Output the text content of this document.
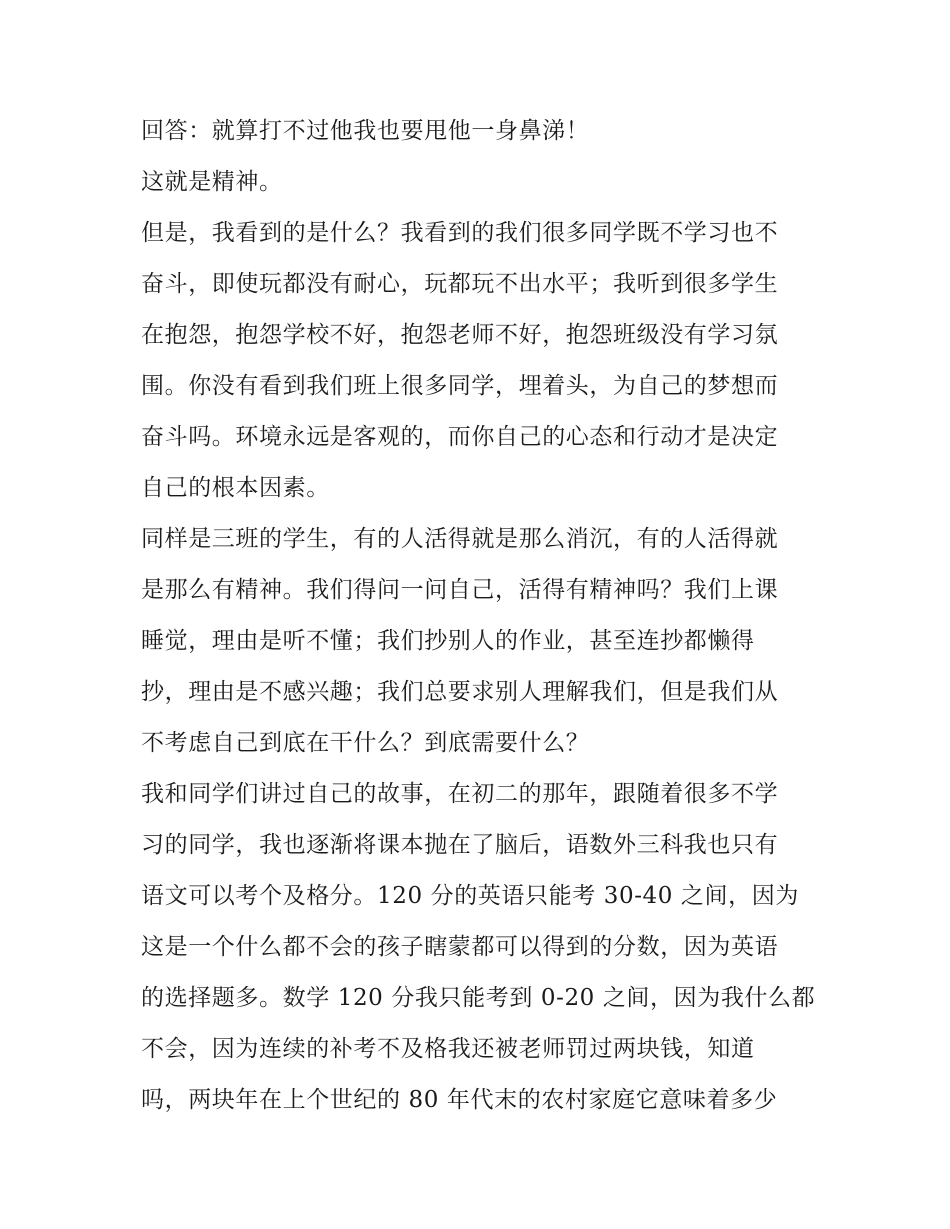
回答：就算打不过他我也要甩他一身鼻涕！
这就是精神。
但是，我看到的是什么？我看到的我们很多同学既不学习也不
奋斗，即使玩都没有耐心，玩都玩不出水平；我听到很多学生
在抱怨，抱怨学校不好，抱怨老师不好，抱怨班级没有学习氛
围。你没有看到我们班上很多同学，埋着头，为自己的梦想而
奋斗吗。环境永远是客观的，而你自己的心态和行动才是决定
自己的根本因素。
同样是三班的学生，有的人活得就是那么消沉，有的人活得就
是那么有精神。我们得问一问自己，活得有精神吗？我们上课
睡觉，理由是听不懂；我们抄别人的作业，甚至连抄都懒得
抄，理由是不感兴趣；我们总要求别人理解我们，但是我们从
不考虑自己到底在干什么？到底需要什么？
我和同学们讲过自己的故事，在初二的那年，跟随着很多不学
习的同学，我也逐渐将课本抛在了脑后，语数外三科我也只有
语文可以考个及格分。120 分的英语只能考 30-40 之间，因为
这是一个什么都不会的孩子瞎蒙都可以得到的分数，因为英语
的选择题多。数学 120 分我只能考到 0-20 之间，因为我什么都
不会，因为连续的补考不及格我还被老师罚过两块钱，知道
吗，两块年在上个世纪的 80 年代末的农村家庭它意味着多少
